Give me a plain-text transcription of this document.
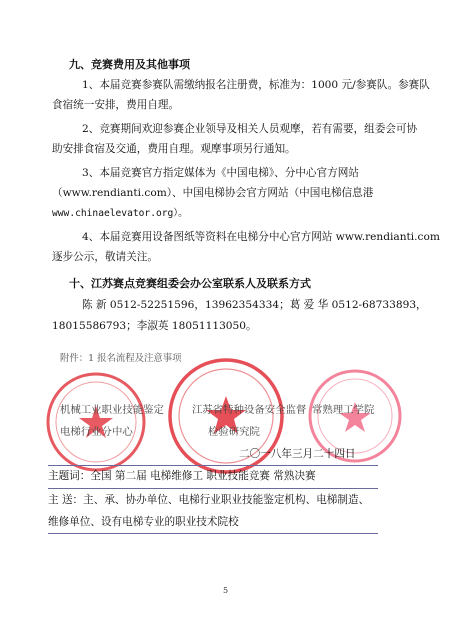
九、竞赛费用及其他事项
1、本届竞赛参赛队需缴纳报名注册费，标准为：1000 元/参赛队。参赛队
食宿统一安排，费用自理。
2、竞赛期间欢迎参赛企业领导及相关人员观摩，若有需要，组委会可协
助安排食宿及交通，费用自理。观摩事项另行通知。
3、本届竞赛官方指定媒体为《中国电梯》、分中心官方网站
（www.rendianti.com）、中国电梯协会官方网站（中国电梯信息港
www.chinaelevator.org）。
4、本届竞赛用设备图纸等资料在电梯分中心官方网站 www.rendianti.com
逐步公示，敬请关注。
十、江苏赛点竞赛组委会办公室联系人及联系方式
陈 新 0512-52251596，13962354334；葛 爱 华 0512-68733893，
18015586793；李淑英 18051113050。
附件：1 报名流程及注意事项
机械工业职业技能鉴定
电梯行业分中心
江苏省特种设备安全监督
检验研究院
常熟理工学院
二〇一八年三月二十四日
主题词：全国 第二届 电梯维修工 职业技能竞赛 常熟决赛
主 送：主、承、协办单位、电梯行业职业技能鉴定机构、电梯制造、
维修单位、设有电梯专业的职业技术院校
5
